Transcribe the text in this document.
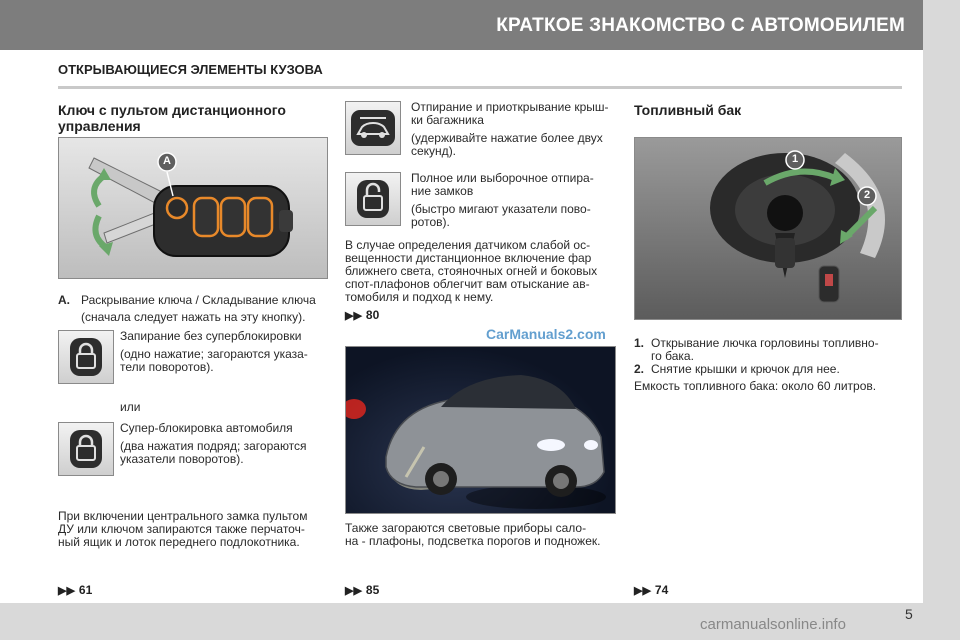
КРАТКОЕ ЗНАКОМСТВО С АВТОМОБИЛЕМ
ОТКРЫВАЮЩИЕСЯ ЭЛЕМЕНТЫ КУЗОВА
Ключ с пультом дистанционного
управления
A
A. Раскрывание ключа / Складывание ключа
(сначала следует нажать на эту кнопку).
Запирание без суперблокировки
(одно нажатие; загораются указа-
тели поворотов).
или
Супер-блокировка автомобиля
(два нажатия подряд; загораются
указатели поворотов).
При включении центрального замка пультом
ДУ или ключом запираются также перчаточ-
ный ящик и лоток переднего подлокотника.
▶▶ 61
Отпирание и приоткрывание крыш-
ки багажника
(удерживайте нажатие более двух
секунд).
Полное или выборочное отпира-
ние замков
(быстро мигают указатели пово-
ротов).
В случае определения датчиком слабой ос-
вещенности дистанционное включение фар
ближнего света, стояночных огней и боковых
спот-плафонов облегчит вам отыскание ав-
томобиля и подход к нему.
▶▶ 80
CarManuals2.com
Также загораются световые приборы сало-
на - плафоны, подсветка порогов и подножек.
▶▶ 85
Топливный бак
1
2
1. Открывание лючка горловины топливно-
го бака.
2. Снятие крышки и крючок для нее.
Емкость топливного бака: около 60 литров.
▶▶ 74
5
carmanualsonline.info
